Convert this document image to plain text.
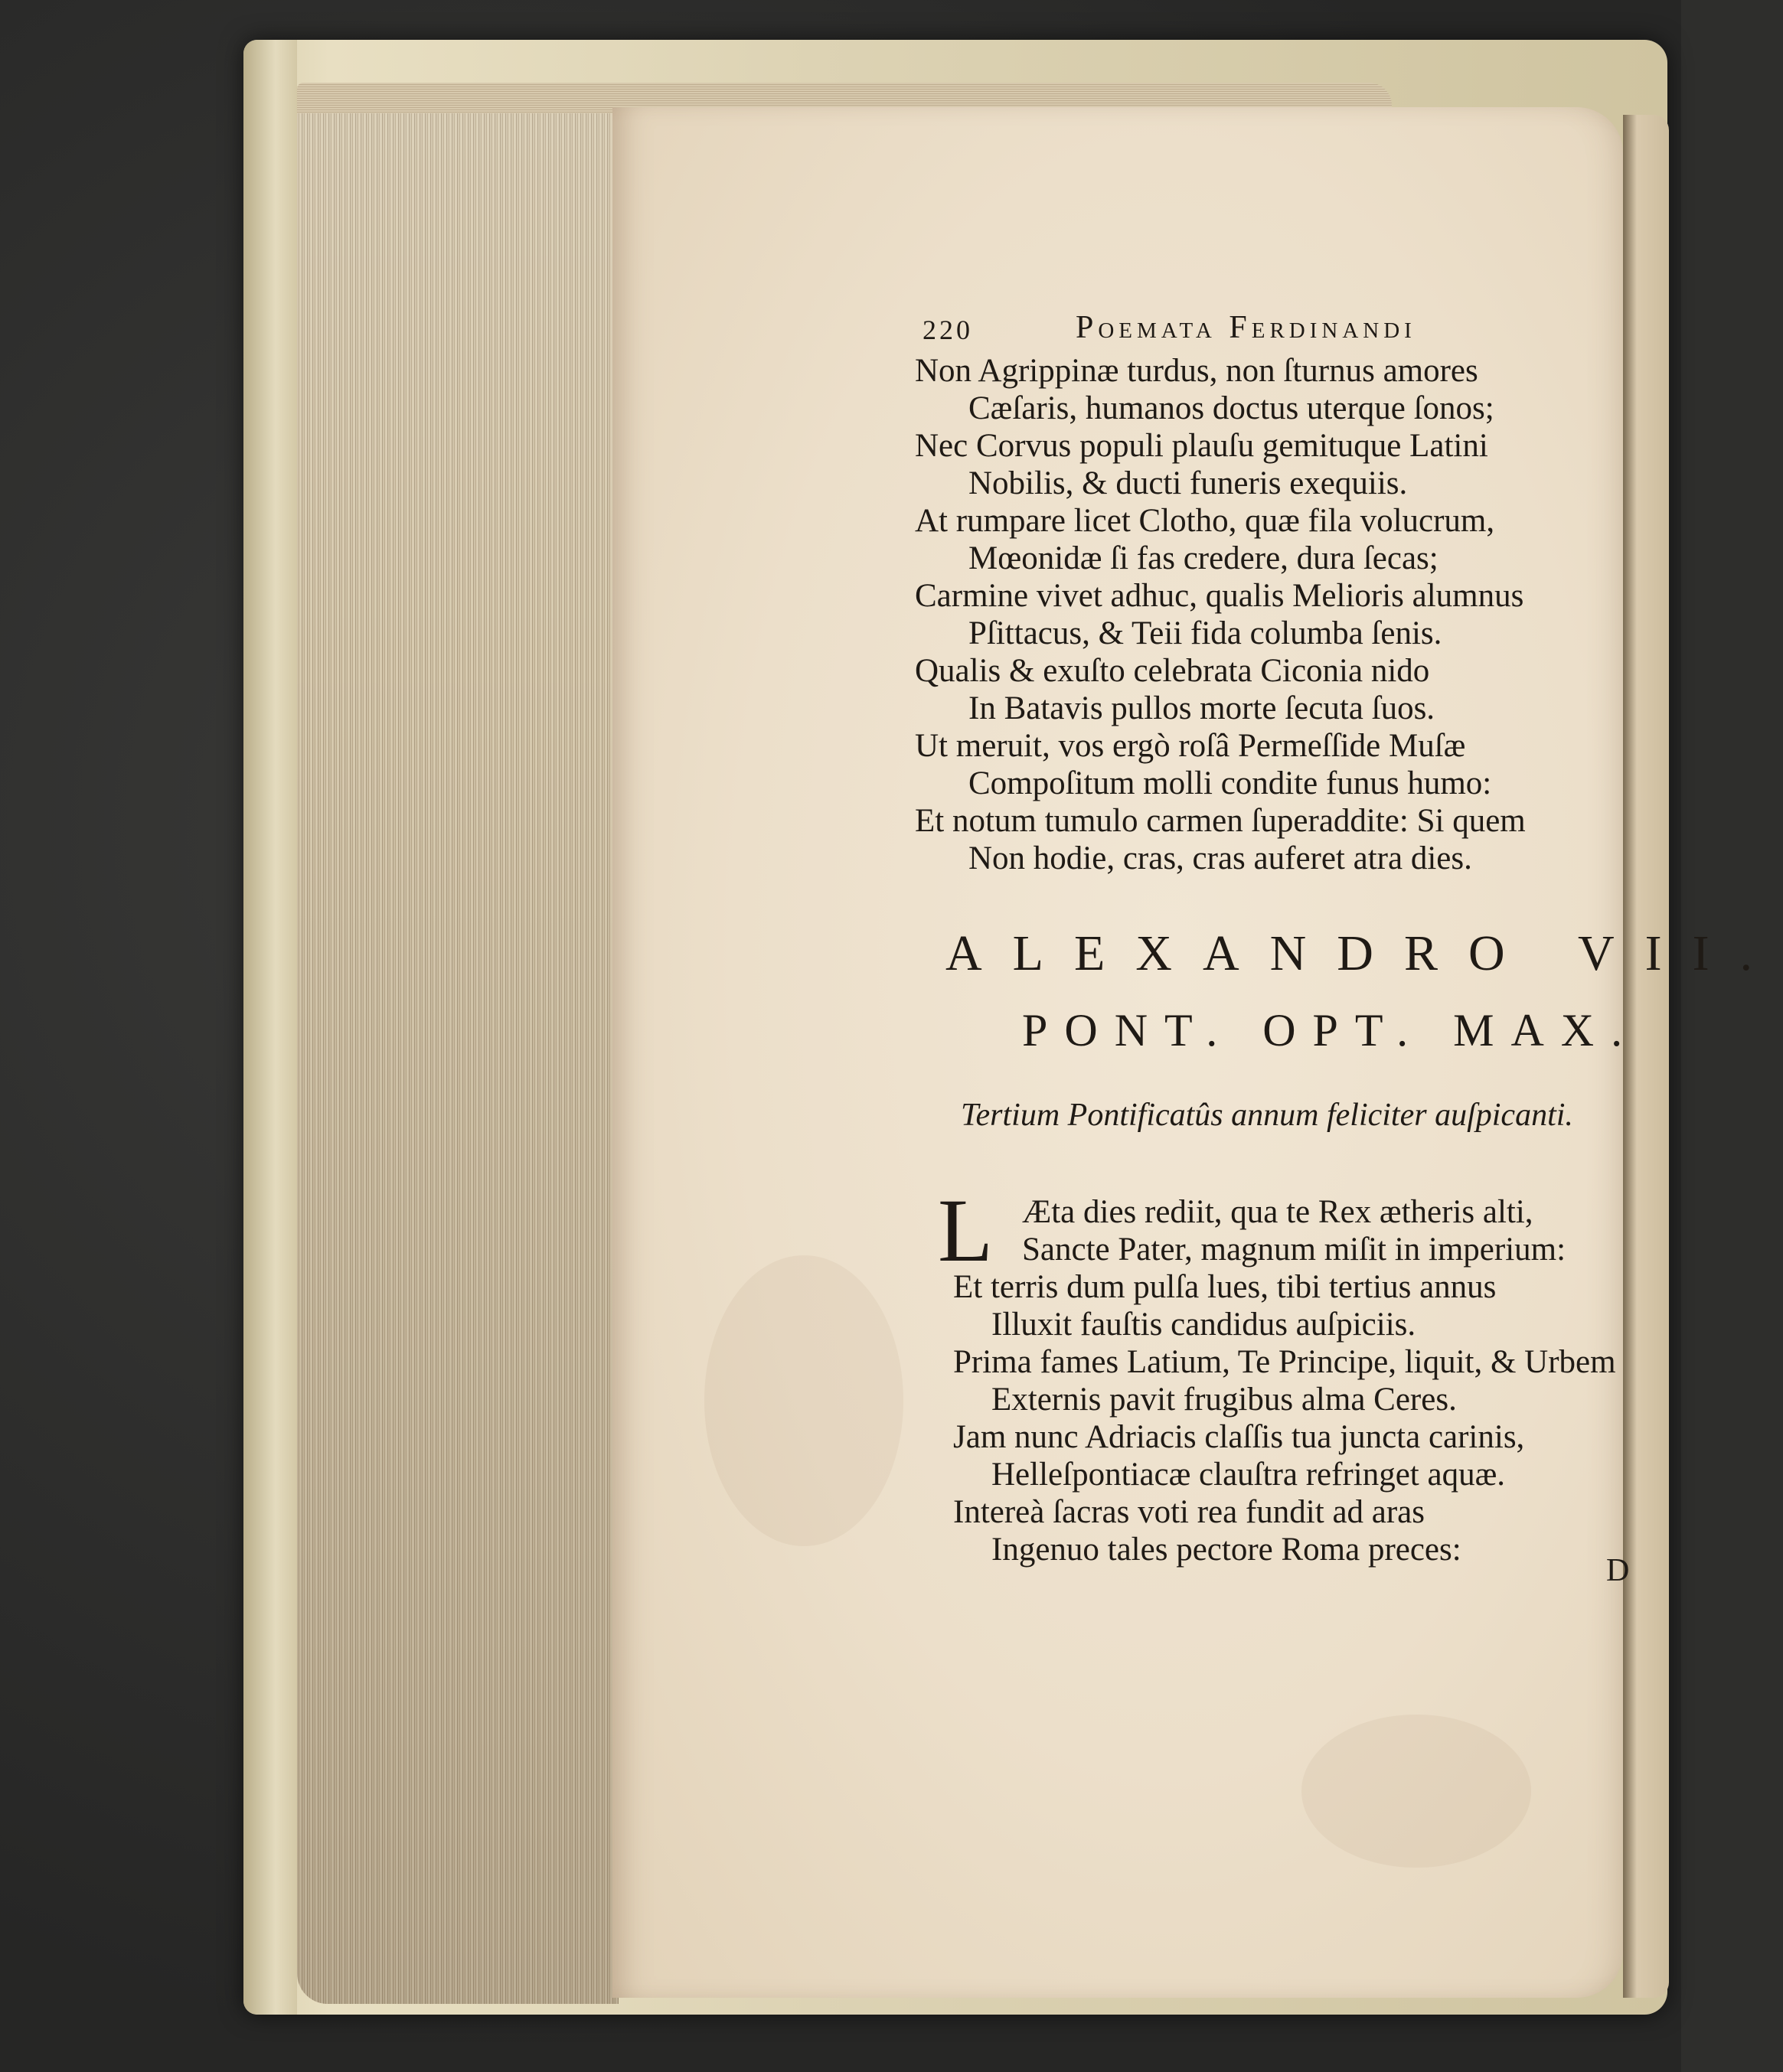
220	Poemata Ferdinandi
Non Agrippinæ turdus, non ſturnus amores
Cæſaris, humanos doctus uterque ſonos;
Nec Corvus populi plauſu gemituque Latini
Nobilis, & ducti funeris exequiis.
At rumpare licet Clotho, quæ fila volucrum,
Mœonidæ ſi fas credere, dura ſecas;
Carmine vivet adhuc, qualis Melioris alumnus
Pſittacus, & Teii fida columba ſenis.
Qualis & exuſto celebrata Ciconia nido
In Batavis pullos morte ſecuta ſuos.
Ut meruit, vos ergò roſâ Permeſſide Muſæ
Compoſitum molli condite funus humo:
Et notum tumulo carmen ſuperaddite: Si quem
Non hodie, cras, cras auferet atra dies.
ALEXANDRO VII.
PONT. OPT. MAX.
Tertium Pontificatûs annum feliciter auſpicanti.
L Æta dies rediit, qua te Rex ætheris alti,
Sancte Pater, magnum miſit in imperium:
Et terris dum pulſa lues, tibi tertius annus
Illuxit fauſtis candidus auſpiciis.
Prima fames Latium, Te Principe, liquit, & Urbem
Externis pavit frugibus alma Ceres.
Jam nunc Adriacis claſſis tua juncta carinis,
Helleſpontiacæ clauſtra refringet aquæ.
Intereà ſacras voti rea fundit ad aras
Ingenuo tales pectore Roma preces:
D
